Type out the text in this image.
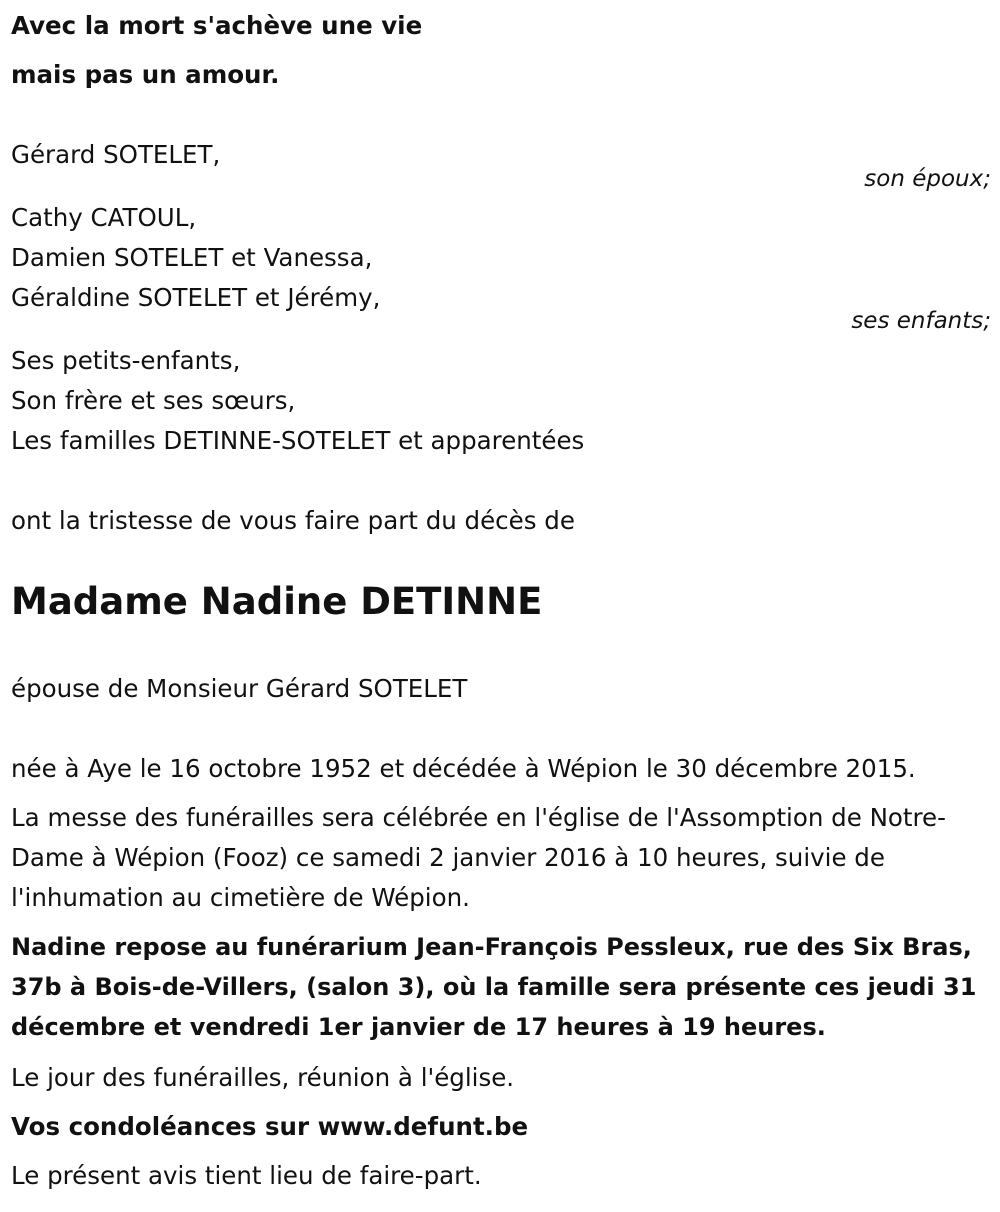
Avec la mort s'achève une vie
mais pas un amour.
Gérard SOTELET,
son époux;
Cathy CATOUL,
Damien SOTELET et Vanessa,
Géraldine SOTELET et Jérémy,
ses enfants;
Ses petits-enfants,
Son frère et ses sœurs,
Les familles DETINNE-SOTELET et apparentées
ont la tristesse de vous faire part du décès de
Madame Nadine DETINNE
épouse de Monsieur Gérard SOTELET
née à Aye le 16 octobre 1952 et décédée à Wépion le 30 décembre 2015.
La messe des funérailles sera célébrée en l'église de l'Assomption de Notre-Dame à Wépion (Fooz) ce samedi 2 janvier 2016 à 10 heures, suivie de l'inhumation au cimetière de Wépion.
Nadine repose au funérarium Jean-François Pessleux, rue des Six Bras, 37b à Bois-de-Villers, (salon 3), où la famille sera présente ces jeudi 31 décembre et vendredi 1er janvier de 17 heures à 19 heures.
Le jour des funérailles, réunion à l'église.
Vos condoléances sur www.defunt.be
Le présent avis tient lieu de faire-part.
